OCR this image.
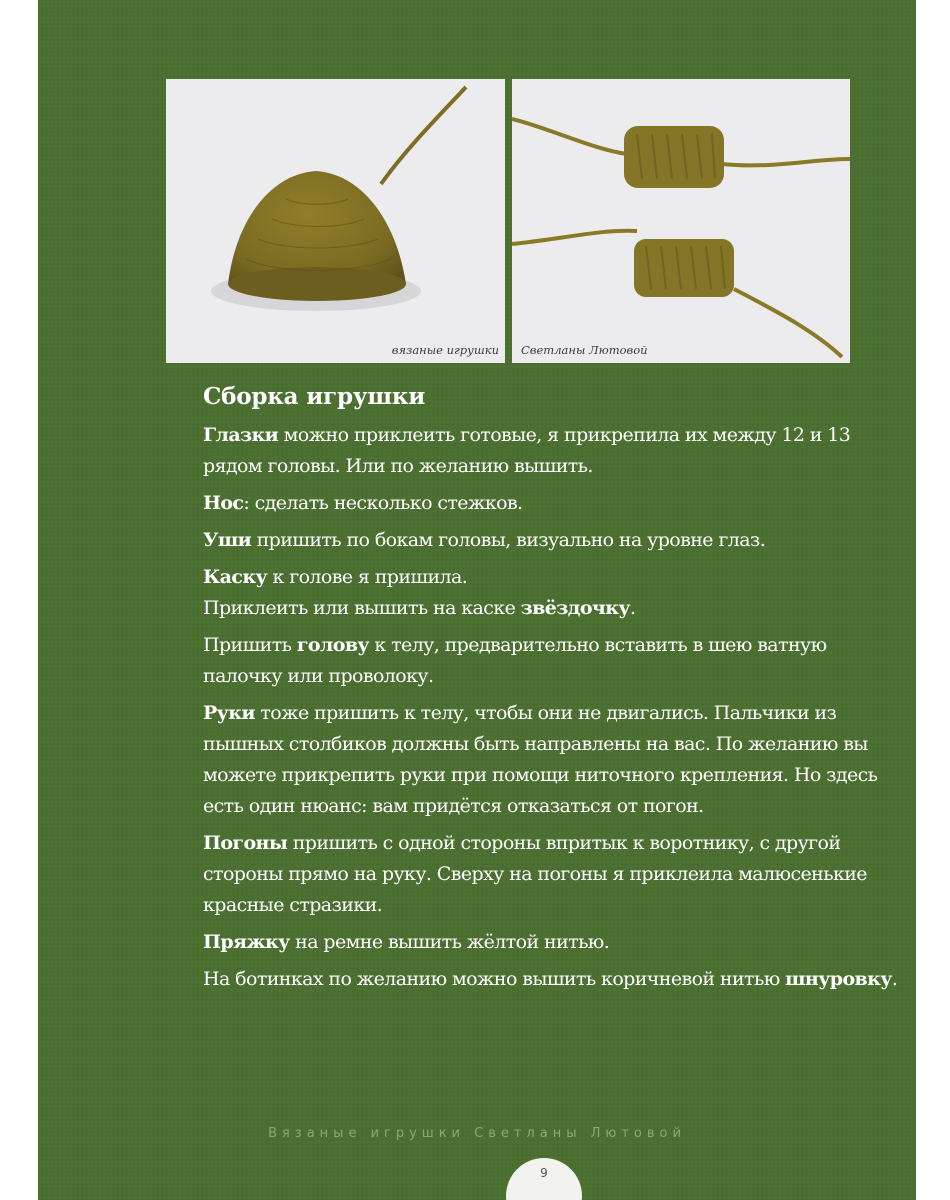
вязаные игрушки Светланы Лютовой
Сборка игрушки

Глазки можно приклеить готовые, я прикрепила их между 12 и 13 рядом головы. Или по желанию вышить.

Нос: сделать несколько стежков.

Уши пришить по бокам головы, визуально на уровне глаз.

Каску к голове я пришила.
Приклеить или вышить на каске звёздочку.

Пришить голову к телу, предварительно вставить в шею ватную палочку или проволоку.

Руки тоже пришить к телу, чтобы они не двигались. Пальчики из пышных столбиков должны быть направлены на вас. По желанию вы можете прикрепить руки при помощи ниточного крепления. Но здесь есть один нюанс: вам придётся отказаться от погон.

Погоны пришить с одной стороны впритык к воротнику, с другой стороны прямо на руку. Сверху на погоны я приклеила малюсенькие красные стразики.

Пряжку на ремне вышить жёлтой нитью.

На ботинках по желанию можно вышить коричневой нитью шнуровку.

Вязаные игрушки Светланы Лютовой
9
